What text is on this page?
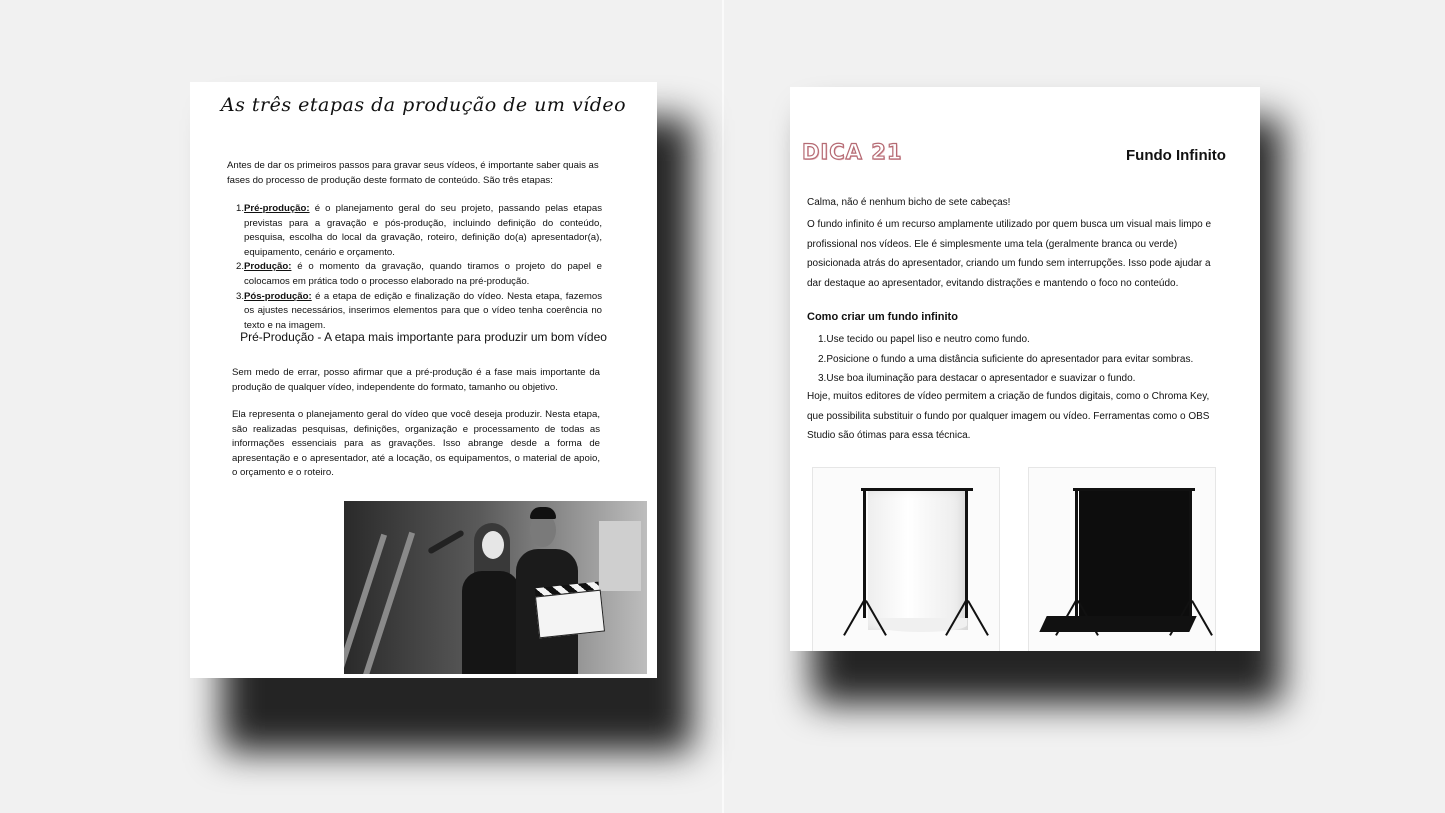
As três etapas da produção de um vídeo
Antes de dar os primeiros passos para gravar seus vídeos, é importante saber quais as fases do processo de produção deste formato de conteúdo. São três etapas:
1. Pré-produção: é o planejamento geral do seu projeto, passando pelas etapas previstas para a gravação e pós-produção, incluindo definição do conteúdo, pesquisa, escolha do local da gravação, roteiro, definição do(a) apresentador(a), equipamento, cenário e orçamento.
2. Produção: é o momento da gravação, quando tiramos o projeto do papel e colocamos em prática todo o processo elaborado na pré-produção.
3. Pós-produção: é a etapa de edição e finalização do vídeo. Nesta etapa, fazemos os ajustes necessários, inserimos elementos para que o vídeo tenha coerência no texto e na imagem.
Pré-Produção - A etapa mais importante para produzir um bom vídeo
Sem medo de errar, posso afirmar que a pré-produção é a fase mais importante da produção de qualquer vídeo, independente do formato, tamanho ou objetivo.
Ela representa o planejamento geral do vídeo que você deseja produzir. Nesta etapa, são realizadas pesquisas, definições, organização e processamento de todas as informações essenciais para as gravações. Isso abrange desde a forma de apresentação e o apresentador, até a locação, os equipamentos, o material de apoio, o orçamento e o roteiro.
DICA 21	Fundo Infinito
Calma, não é nenhum bicho de sete cabeças!
O fundo infinito é um recurso amplamente utilizado por quem busca um visual mais limpo e profissional nos vídeos. Ele é simplesmente uma tela (geralmente branca ou verde) posicionada atrás do apresentador, criando um fundo sem interrupções. Isso pode ajudar a dar destaque ao apresentador, evitando distrações e mantendo o foco no conteúdo.
Como criar um fundo infinito
1.Use tecido ou papel liso e neutro como fundo.
2.Posicione o fundo a uma distância suficiente do apresentador para evitar sombras.
3.Use boa iluminação para destacar o apresentador e suavizar o fundo.
Hoje, muitos editores de vídeo permitem a criação de fundos digitais, como o Chroma Key, que possibilita substituir o fundo por qualquer imagem ou vídeo. Ferramentas como o OBS Studio são ótimas para essa técnica.
